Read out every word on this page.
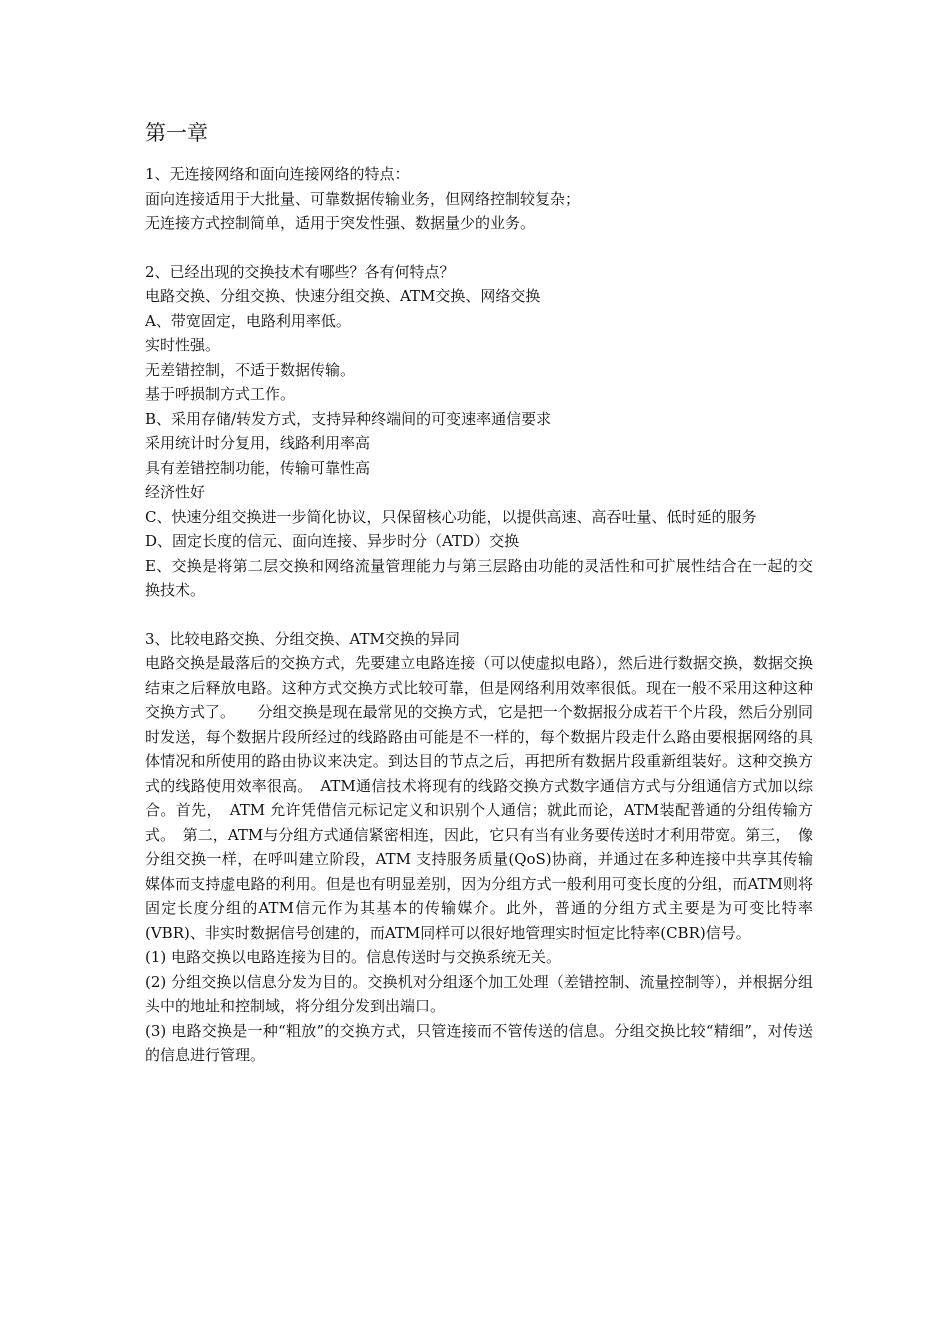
第一章

1、无连接网络和面向连接网络的特点：

面向连接适用于大批量、可靠数据传输业务，但网络控制较复杂；

无连接方式控制简单，适用于突发性强、数据量少的业务。

2、已经出现的交换技术有哪些？各有何特点？

电路交换、分组交换、快速分组交换、ATM交换、网络交换

A、带宽固定，电路利用率低。

实时性强。

无差错控制，不适于数据传输。

基于呼损制方式工作。

B、采用存储/转发方式，支持异种终端间的可变速率通信要求

采用统计时分复用，线路利用率高

具有差错控制功能，传输可靠性高

经济性好

C、快速分组交换进一步简化协议，只保留核心功能，以提供高速、高吞吐量、低时延的服务

D、固定长度的信元、面向连接、异步时分（ATD）交换

E、交换是将第二层交换和网络流量管理能力与第三层路由功能的灵活性和可扩展性结合在一起的交换技术。

3、比较电路交换、分组交换、ATM交换的异同

电路交换是最落后的交换方式，先要建立电路连接（可以使虚拟电路），然后进行数据交换，数据交换结束之后释放电路。这种方式交换方式比较可靠，但是网络利用效率很低。现在一般不采用这种这种交换方式了。　　分组交换是现在最常见的交换方式，它是把一个数据报分成若干个片段，然后分别同时发送，每个数据片段所经过的线路路由可能是不一样的，每个数据片段走什么路由要根据网络的具体情况和所使用的路由协议来决定。到达目的节点之后，再把所有数据片段重新组装好。这种交换方式的线路使用效率很高。　ATM通信技术将现有的线路交换方式数字通信方式与分组通信方式加以综合。首先，　ATM 允许凭借信元标记定义和识别个人通信；就此而论，ATM装配普通的分组传输方式。　第二，ATM与分组方式通信紧密相连，因此，它只有当有业务要传送时才利用带宽。第三，　像分组交换一样，在呼叫建立阶段，ATM 支持服务质量(QoS)协商，并通过在多种连接中共享其传输媒体而支持虚电路的利用。但是也有明显差别，因为分组方式一般利用可变长度的分组，而ATM则将固定长度分组的ATM信元作为其基本的传输媒介。此外，普通的分组方式主要是为可变比特率(VBR)、非实时数据信号创建的，而ATM同样可以很好地管理实时恒定比特率(CBR)信号。

(1) 电路交换以电路连接为目的。信息传送时与交换系统无关。

(2) 分组交换以信息分发为目的。交换机对分组逐个加工处理（差错控制、流量控制等），并根据分组头中的地址和控制域，将分组分发到出端口。

(3) 电路交换是一种“粗放”的交换方式，只管连接而不管传送的信息。分组交换比较“精细”，对传送的信息进行管理。
